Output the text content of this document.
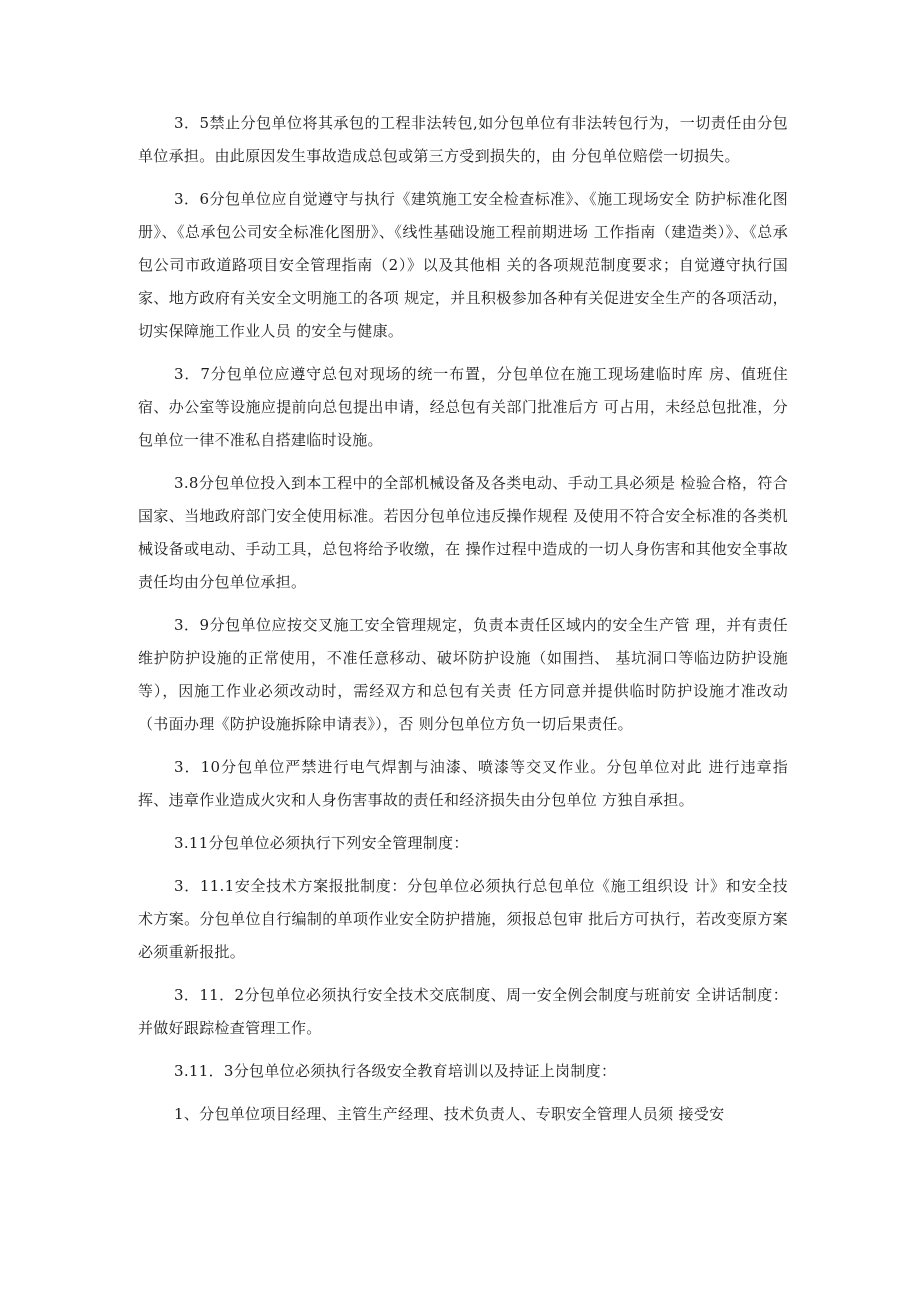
3．5禁止分包单位将其承包的工程非法转包,如分包单位有非法转包行为，一切责任由分包单位承担。由此原因发生事故造成总包或第三方受到损失的，由 分包单位赔偿一切损失。

3．6分包单位应自觉遵守与执行《建筑施工安全检查标准》、《施工现场安全 防护标准化图册》、《总承包公司安全标准化图册》、《线性基础设施工程前期进场 工作指南（建造类）》、《总承包公司市政道路项目安全管理指南（2）》以及其他相 关的各项规范制度要求；自觉遵守执行国家、地方政府有关安全文明施工的各项 规定，并且积极参加各种有关促进安全生产的各项活动，切实保障施工作业人员 的安全与健康。

3．7分包单位应遵守总包对现场的统一布置，分包单位在施工现场建临时库 房、值班住宿、办公室等设施应提前向总包提出申请，经总包有关部门批准后方 可占用，未经总包批准，分包单位一律不准私自搭建临时设施。

3.8分包单位投入到本工程中的全部机械设备及各类电动、手动工具必须是 检验合格，符合国家、当地政府部门安全使用标准。若因分包单位违反操作规程 及使用不符合安全标准的各类机械设备或电动、手动工具，总包将给予收缴，在 操作过程中造成的一切人身伤害和其他安全事故责任均由分包单位承担。

3．9分包单位应按交叉施工安全管理规定，负责本责任区域内的安全生产管 理，并有责任维护防护设施的正常使用，不准任意移动、破坏防护设施（如围挡、 基坑洞口等临边防护设施等），因施工作业必须改动时，需经双方和总包有关责 任方同意并提供临时防护设施才准改动（书面办理《防护设施拆除申请表》），否 则分包单位方负一切后果责任。

3．10分包单位严禁进行电气焊割与油漆、喷漆等交叉作业。分包单位对此 进行违章指挥、违章作业造成火灾和人身伤害事故的责任和经济损失由分包单位 方独自承担。

3.11分包单位必须执行下列安全管理制度：

3．11.1安全技术方案报批制度：分包单位必须执行总包单位《施工组织设 计》和安全技术方案。分包单位自行编制的单项作业安全防护措施，须报总包审 批后方可执行，若改变原方案必须重新报批。

3．11．2分包单位必须执行安全技术交底制度、周一安全例会制度与班前安 全讲话制度：并做好跟踪检查管理工作。

3.11．3分包单位必须执行各级安全教育培训以及持证上岗制度：

1、分包单位项目经理、主管生产经理、技术负责人、专职安全管理人员须 接受安
